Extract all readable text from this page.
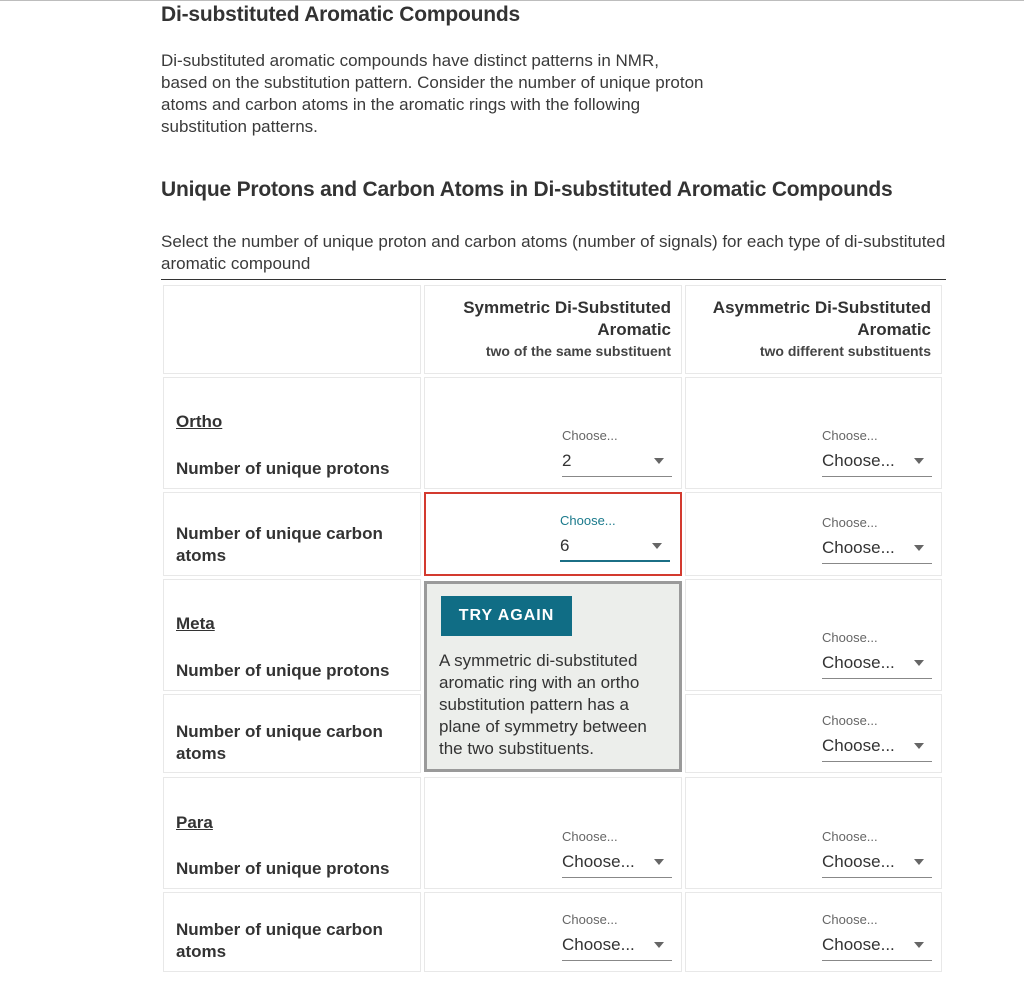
Di-substituted Aromatic Compounds

Di-substituted aromatic compounds have distinct patterns in NMR, based on the substitution pattern. Consider the number of unique proton atoms and carbon atoms in the aromatic rings with the following substitution patterns.

Unique Protons and Carbon Atoms in Di-substituted Aromatic Compounds

Select the number of unique proton and carbon atoms (number of signals) for each type of di-substituted aromatic compound

Symmetric Di-Substituted Aromatic
two of the same substituent
Asymmetric Di-Substituted Aromatic
two different substituents
Ortho
Number of unique protons
Choose...
2
Choose...
Choose...
Number of unique carbon atoms
Choose...
6
Choose...
Choose...
Meta
Number of unique protons
Choose...
Choose...
Number of unique carbon atoms
Choose...
Choose...
TRY AGAIN
A symmetric di-substituted aromatic ring with an ortho substitution pattern has a plane of symmetry between the two substituents.
Para
Number of unique protons
Choose...
Choose...
Choose...
Choose...
Number of unique carbon atoms
Choose...
Choose...
Choose...
Choose...
